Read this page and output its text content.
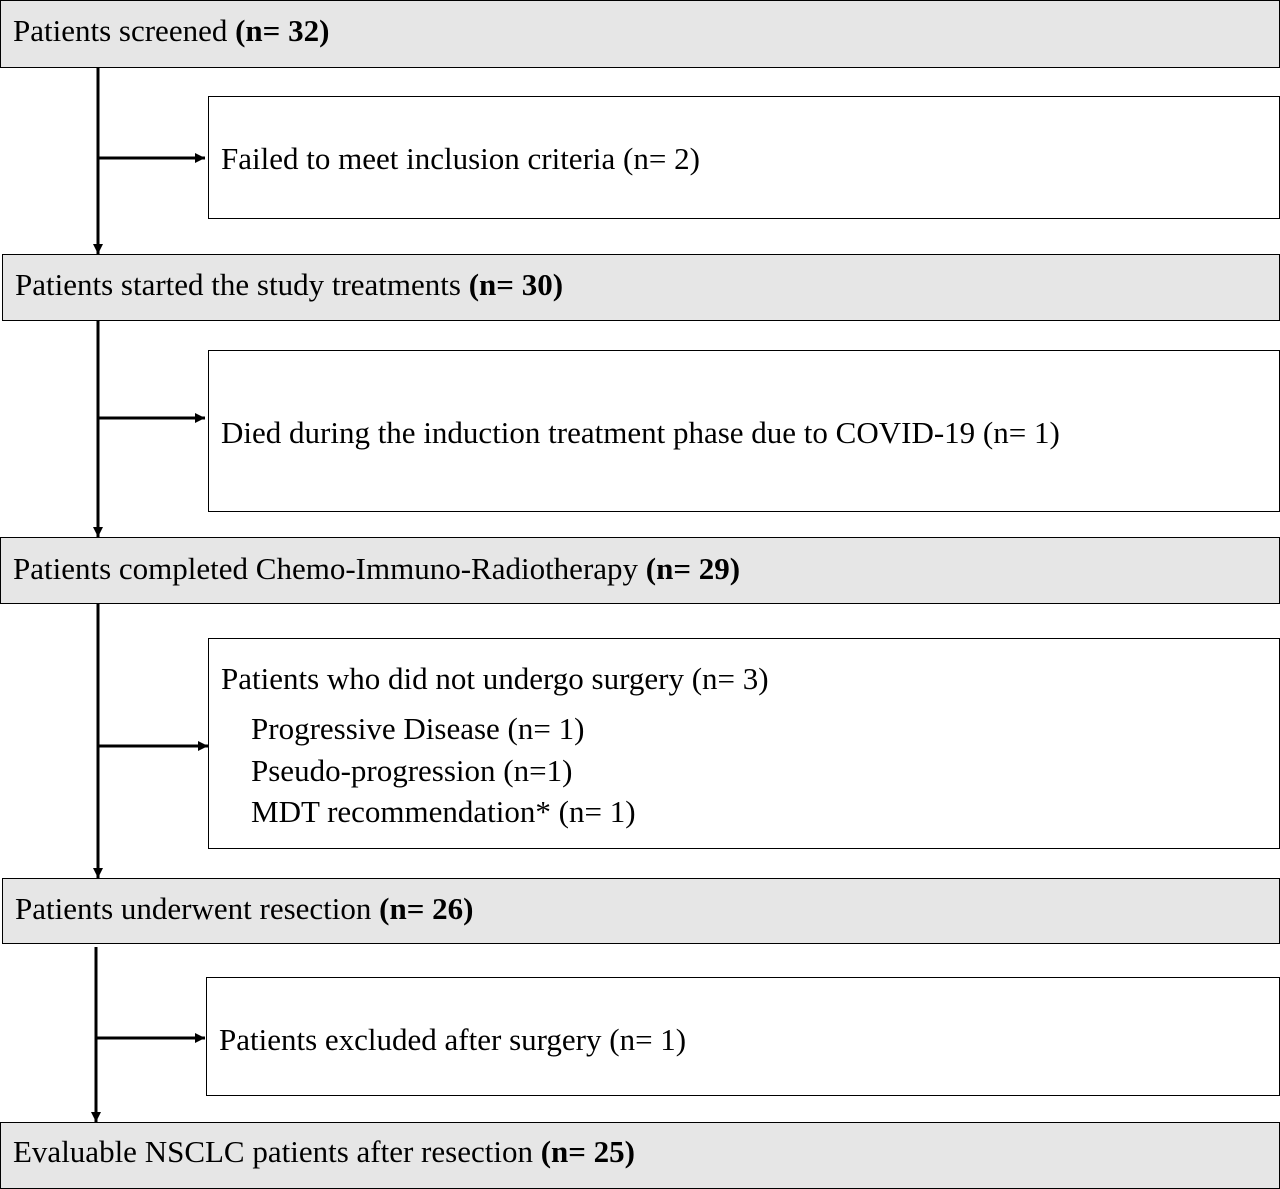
Patients screened (n= 32)
Failed to meet inclusion criteria (n= 2)
Patients started the study treatments (n= 30)
Died during the induction treatment phase due to COVID-19 (n= 1)
Patients completed Chemo-Immuno-Radiotherapy (n= 29)
Patients who did not undergo surgery (n= 3)
Progressive Disease (n= 1)
Pseudo-progression (n=1)
MDT recommendation* (n= 1)
Patients underwent resection (n= 26)
Patients excluded after surgery (n= 1)
Evaluable NSCLC patients after resection (n= 25)
